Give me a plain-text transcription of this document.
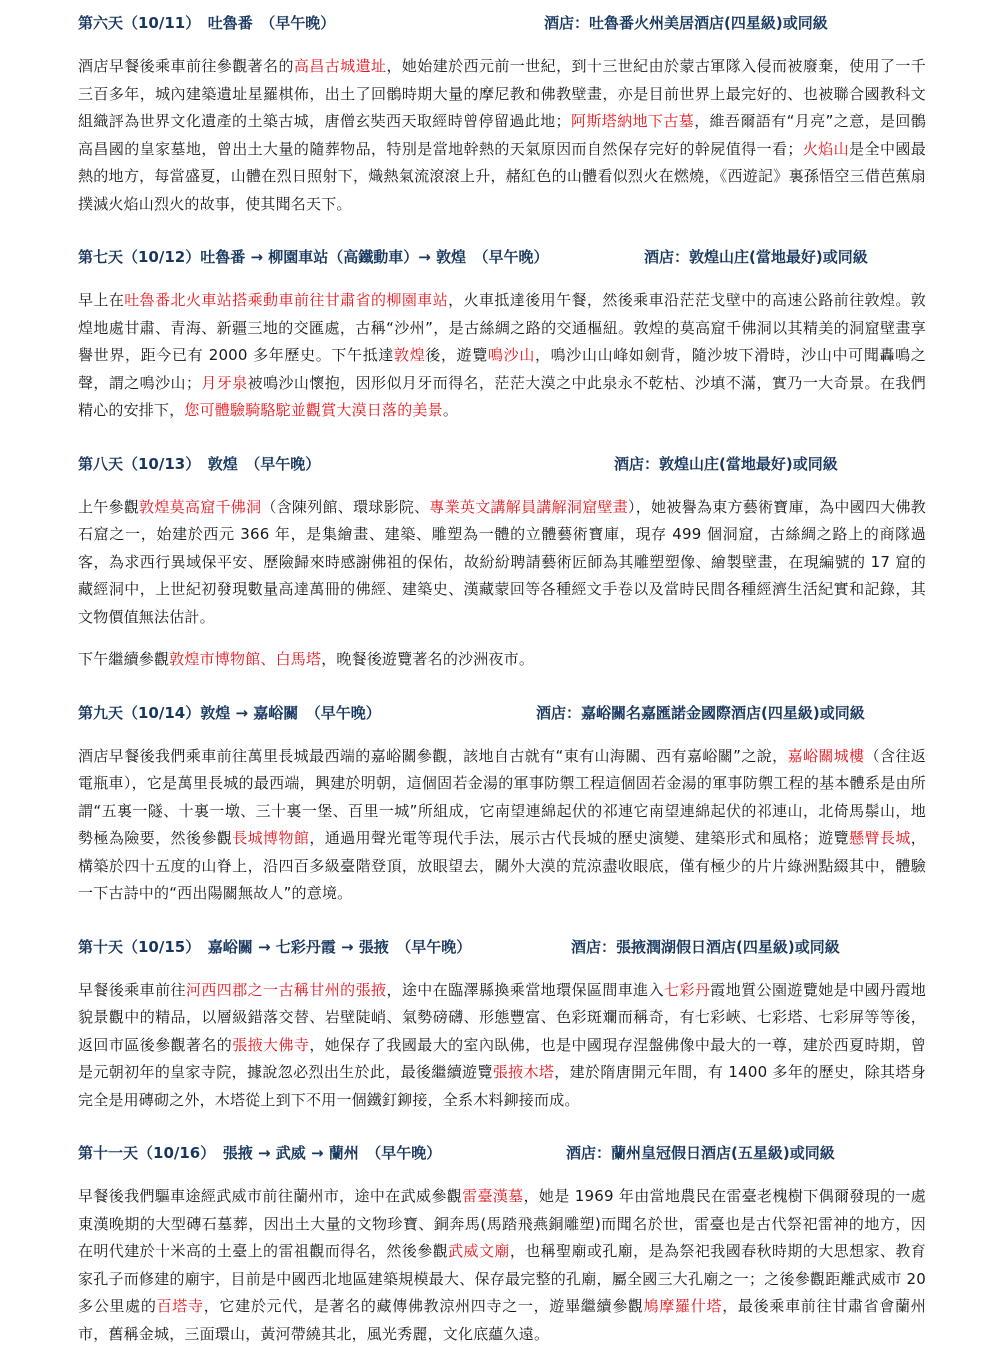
第六天（10/11）　吐魯番　（早午晚）	酒店：吐魯番火州美居酒店(四星級)或同級

酒店早餐後乘車前往參觀著名的高昌古城遺址，她始建於西元前一世紀，到十三世紀由於蒙古軍隊入侵而被廢棄，使用了一千三百多年，城內建築遺址星羅棋佈，出土了回鶻時期大量的摩尼教和佛教壁畫，亦是目前世界上最完好的、也被聯合國教科文組織評為世界文化遺產的土築古城，唐僧玄奘西天取經時曾停留過此地；阿斯塔納地下古墓，維吾爾語有“月亮”之意，是回鶻高昌國的皇家墓地，曾出土大量的隨葬物品，特別是當地幹熱的天氣原因而自然保存完好的幹屍值得一看；火焰山是全中國最熱的地方，每當盛夏，山體在烈日照射下，熾熱氣流滾滾上升，赭紅色的山體看似烈火在燃燒，《西遊記》裏孫悟空三借芭蕉扇撲滅火焰山烈火的故事，使其聞名天下。

第七天（10/12）吐魯番 → 柳園車站（高鐵動車）→ 敦煌　（早午晚）	酒店：敦煌山庄(當地最好)或同級

早上在吐魯番北火車站搭乘動車前往甘肅省的柳園車站，火車抵達後用午餐，然後乘車沿茫茫戈壁中的高速公路前往敦煌。敦煌地處甘肅、青海、新疆三地的交匯處，古稱“沙州”，是古絲綢之路的交通樞紐。敦煌的莫高窟千佛洞以其精美的洞窟壁畫享譽世界，距今已有 2000 多年歷史。下午抵達敦煌後，遊覽鳴沙山，鳴沙山山峰如劍背，隨沙坡下滑時，沙山中可聞轟鳴之聲，謂之鳴沙山；月牙泉被鳴沙山懷抱，因形似月牙而得名，茫茫大漠之中此泉永不乾枯、沙填不滿，實乃一大奇景。在我們精心的安排下，您可體驗騎駱駝並觀賞大漠日落的美景。

第八天（10/13）　敦煌　（早午晚）	酒店：敦煌山庄(當地最好)或同級

上午參觀敦煌莫高窟千佛洞（含陳列館、環球影院、專業英文講解員講解洞窟壁畫），她被譽為東方藝術寶庫，為中國四大佛教石窟之一，始建於西元 366 年，是集繪畫、建築、雕塑為一體的立體藝術寶庫，現存 499 個洞窟，古絲綢之路上的商隊過客，為求西行異域保平安、歷險歸來時感謝佛祖的保佑，故紛紛聘請藝術匠師為其雕塑塑像、繪製壁畫，在現編號的 17 窟的藏經洞中，上世紀初發現數量高達萬冊的佛經、建築史、漢藏蒙回等各種經文手卷以及當時民間各種經濟生活紀實和記錄，其文物價值無法估計。

下午繼續參觀敦煌市博物館、白馬塔，晚餐後遊覽著名的沙洲夜市。

第九天（10/14）敦煌 → 嘉峪關　（早午晚）	酒店：嘉峪關名嘉匯諾金國際酒店(四星級)或同級

酒店早餐後我們乘車前往萬里長城最西端的嘉峪關參觀，該地自古就有“東有山海關、西有嘉峪關”之說，嘉峪關城樓（含往返電瓶車），它是萬里長城的最西端，興建於明朝，這個固若金湯的軍事防禦工程這個固若金湯的軍事防禦工程的基本體系是由所謂“五裏一隧、十裏一墩、三十裏一堡、百里一城”所組成，它南望連綿起伏的祁連它南望連綿起伏的祁連山，北倚馬鬃山，地勢極為險要，然後參觀長城博物館，通過用聲光電等現代手法，展示古代長城的歷史演變、建築形式和風格；遊覽懸臂長城，構築於四十五度的山脊上，沿四百多級臺階登頂，放眼望去，關外大漠的荒涼盡收眼底，僅有極少的片片綠洲點綴其中，體驗一下古詩中的“西出陽關無故人”的意境。

第十天（10/15）　嘉峪關 → 七彩丹霞 → 張掖　（早午晚）	酒店：張掖潤湖假日酒店(四星級)或同級

早餐後乘車前往河西四郡之一古稱甘州的張掖，途中在臨澤縣換乘當地環保區間車進入七彩丹霞地質公園遊覽她是中國丹霞地貌景觀中的精品，以層級錯落交替、岩壁陡峭、氣勢磅礴、形態豐富、色彩斑斕而稱奇，有七彩峽、七彩塔、七彩屏等等後，返回市區後參觀著名的張掖大佛寺，她保存了我國最大的室內臥佛，也是中國現存涅盤佛像中最大的一尊，建於西夏時期，曾是元朝初年的皇家寺院，據說忽必烈出生於此，最後繼續遊覽張掖木塔，建於隋唐開元年間，有 1400 多年的歷史，除其塔身完全是用磚砌之外，木塔從上到下不用一個鐵釘鉚接，全系木料鉚接而成。

第十一天（10/16）　張掖 → 武威 → 蘭州　（早午晚）	酒店：蘭州皇冠假日酒店(五星級)或同級

早餐後我們驅車途經武威市前往蘭州市，途中在武威參觀雷臺漢墓，她是 1969 年由當地農民在雷臺老槐樹下偶爾發現的一處東漢晚期的大型磚石墓葬，因出土大量的文物珍寶、銅奔馬(馬踏飛燕銅雕塑)而聞名於世，雷臺也是古代祭祀雷神的地方，因在明代建於十米高的土臺上的雷祖觀而得名，然後參觀武威文廟，也稱聖廟或孔廟，是為祭祀我國春秋時期的大思想家、教育家孔子而修建的廟宇，目前是中國西北地區建築規模最大、保存最完整的孔廟，屬全國三大孔廟之一；之後參觀距離武威市 20 多公里處的百塔寺，它建於元代，是著名的藏傳佛教涼州四寺之一，遊畢繼續參觀鳩摩羅什塔，最後乘車前往甘肅省會蘭州市，舊稱金城，三面環山，黃河帶繞其北，風光秀麗，文化底蘊久遠。
